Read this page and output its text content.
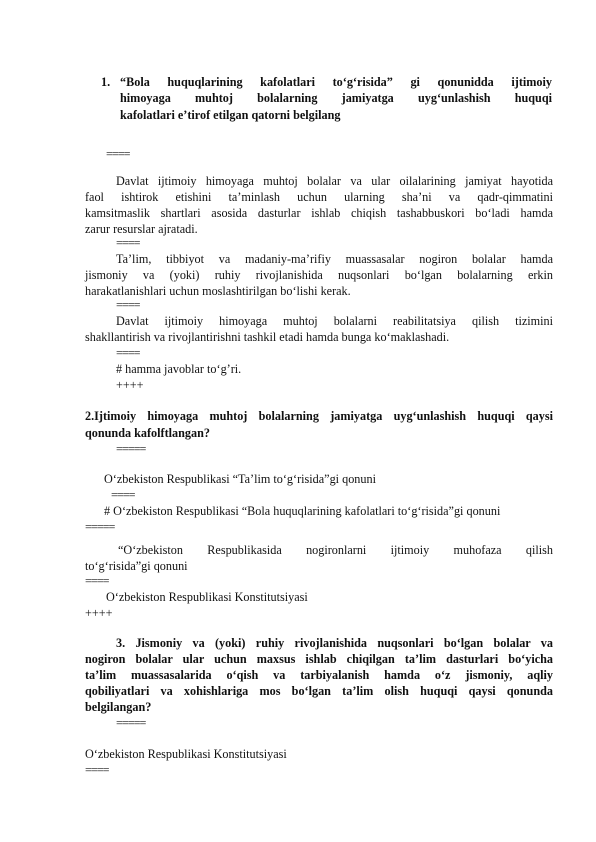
1. “Bola huquqlarining kafolatlari to‘g‘risida” gi qonunidda ijtimoiy
himoyaga muhtoj bolalarning jamiyatga uyg‘unlashish huquqi
kafolatlari e’tirof etilgan qatorni belgilang
====
Davlat ijtimoiy himoyaga muhtoj bolalar va ular oilalarining jamiyat hayotida
faol ishtirok etishini ta’minlash uchun ularning sha’ni va qadr-qimmatini
kamsitmaslik shartlari asosida dasturlar ishlab chiqish tashabbuskori bo‘ladi hamda
zarur resurslar ajratadi.
====
Ta’lim, tibbiyot va madaniy-ma’rifiy muassasalar nogiron bolalar hamda
jismoniy va (yoki) ruhiy rivojlanishida nuqsonlari bo‘lgan bolalarning erkin
harakatlanishlari uchun moslashtirilgan bo‘lishi kerak.
====
Davlat ijtimoiy himoyaga muhtoj bolalarni reabilitatsiya qilish tizimini
shakllantirish va rivojlantirishni tashkil etadi hamda bunga ko‘maklashadi.
====
# hamma javoblar to‘g’ri.
++++
2.Ijtimoiy himoyaga muhtoj bolalarning jamiyatga uyg‘unlashish huquqi qaysi
qonunda kafolftlangan?
=====
O‘zbekiston Respublikasi “Ta’lim to‘g‘risida”gi qonuni
====
# O‘zbekiston Respublikasi “Bola huquqlarining kafolatlari to‘g‘risida”gi qonuni
=====
“O‘zbekiston Respublikasida nogironlarni ijtimoiy muhofaza qilish
to‘g‘risida”gi qonuni
====
O‘zbekiston Respublikasi Konstitutsiyasi
++++
3. Jismoniy va (yoki) ruhiy rivojlanishida nuqsonlari bo‘lgan bolalar va
nogiron bolalar ular uchun maxsus ishlab chiqilgan ta’lim dasturlari bo‘yicha
ta’lim muassasalarida o‘qish va tarbiyalanish hamda o‘z jismoniy, aqliy
qobiliyatlari va xohishlariga mos bo‘lgan ta’lim olish huquqi qaysi qonunda
belgilangan?
=====
O‘zbekiston Respublikasi Konstitutsiyasi
====
